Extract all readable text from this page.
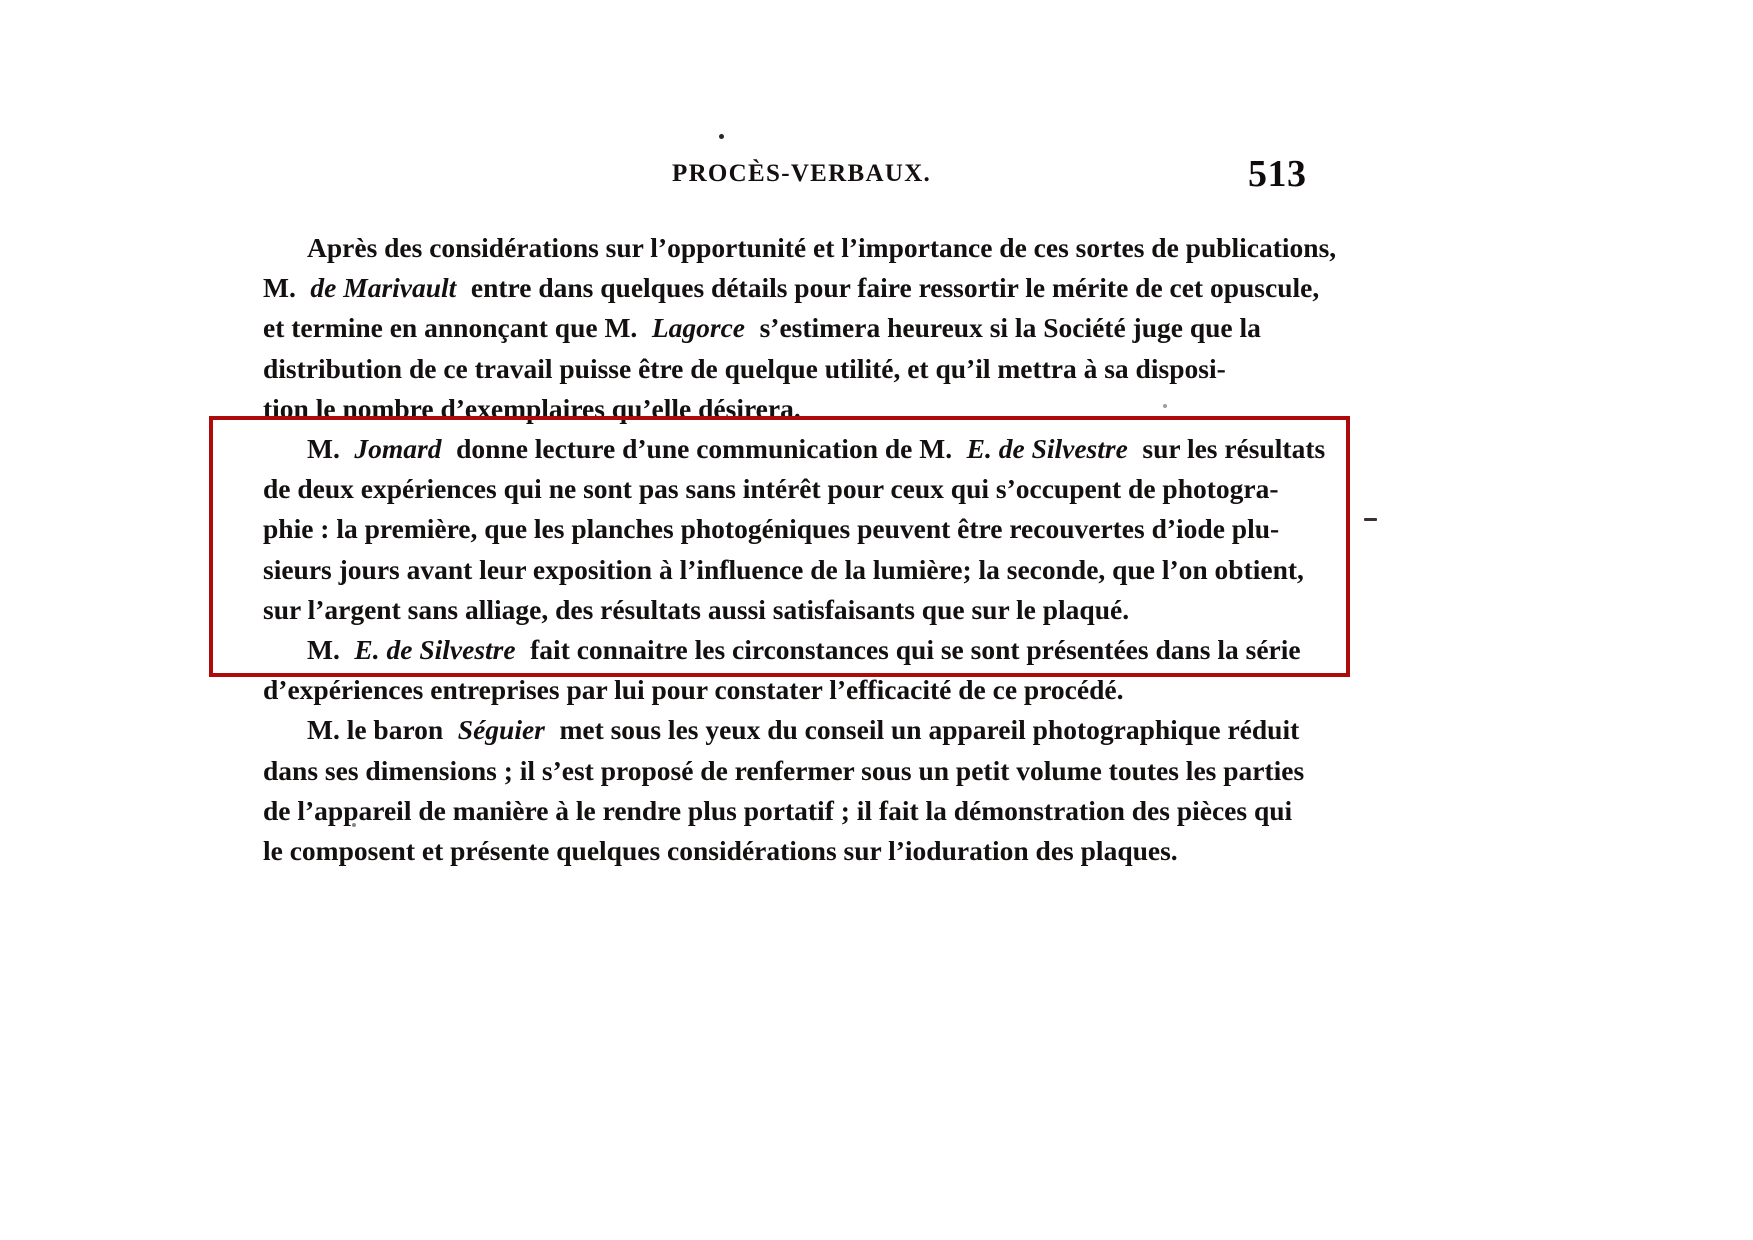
PROCÈS-VERBAUX.	513

Après des considérations sur l’opportunité et l’importance de ces sortes de publications,
M. de Marivault entre dans quelques détails pour faire ressortir le mérite de cet opuscule,
et termine en annonçant que M. Lagorce s’estimera heureux si la Société juge que la
distribution de ce travail puisse être de quelque utilité, et qu’il mettra à sa disposi-
tion le nombre d’exemplaires qu’elle désirera.

M. Jomard donne lecture d’une communication de M. E. de Silvestre sur les résultats
de deux expériences qui ne sont pas sans intérêt pour ceux qui s’occupent de photogra-
phie : la première, que les planches photogéniques peuvent être recouvertes d’iode plu-
sieurs jours avant leur exposition à l’influence de la lumière; la seconde, que l’on obtient,
sur l’argent sans alliage, des résultats aussi satisfaisants que sur le plaqué.

M. E. de Silvestre fait connaitre les circonstances qui se sont présentées dans la série
d’expériences entreprises par lui pour constater l’efficacité de ce procédé.

M. le baron Séguier met sous les yeux du conseil un appareil photographique réduit
dans ses dimensions ; il s’est proposé de renfermer sous un petit volume toutes les parties
de l’appareil de manière à le rendre plus portatif ; il fait la démonstration des pièces qui
le composent et présente quelques considérations sur l’ioduration des plaques.
